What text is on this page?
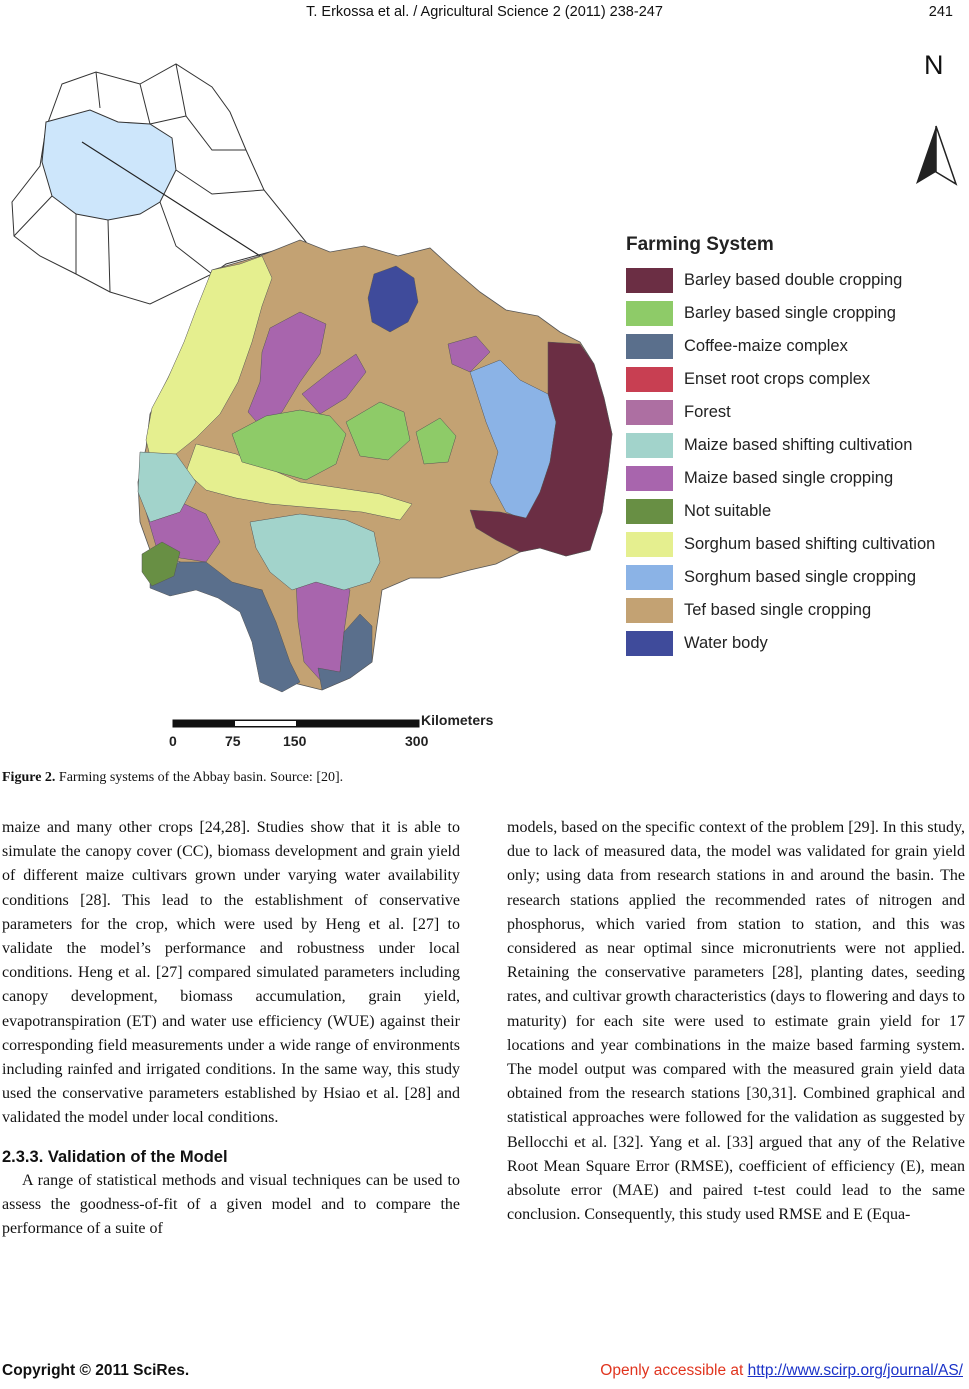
T. Erkossa et al. / Agricultural Science 2 (2011) 238-247	241
N
Farming System
Barley based double cropping
Barley based single cropping
Coffee-maize complex
Enset root crops complex
Forest
Maize based shifting cultivation
Maize based single cropping
Not suitable
Sorghum based shifting cultivation
Sorghum based single cropping
Tef based single cropping
Water body
Kilometers
0	75	150	300
Figure 2. Farming systems of the Abbay basin. Source: [20].

maize and many other crops [24,28]. Studies show that it is able to simulate the canopy cover (CC), biomass development and grain yield of different maize cultivars grown under varying water availability conditions [28]. This lead to the establishment of conservative parameters for the crop, which were used by Heng et al. [27] to validate the model’s performance and robustness under local conditions. Heng et al. [27] compared simulated parameters including canopy development, biomass accumulation, grain yield, evapotranspiration (ET) and water use efficiency (WUE) against their corresponding field measurements under a wide range of environments including rainfed and irrigated conditions. In the same way, this study used the conservative parameters established by Hsiao et al. [28] and validated the model under local conditions.

2.3.3. Validation of the Model

A range of statistical methods and visual techniques can be used to assess the goodness-of-fit of a given model and to compare the performance of a suite of

models, based on the specific context of the problem [29]. In this study, due to lack of measured data, the model was validated for grain yield only; using data from research stations in and around the basin. The research stations applied the recommended rates of nitrogen and phosphorus, which varied from station to station, and this was considered as near optimal since micronutrients were not applied. Retaining the conservative parameters [28], planting dates, seeding rates, and cultivar growth characteristics (days to flowering and days to maturity) for each site were used to estimate grain yield for 17 locations and year combinations in the maize based farming system. The model output was compared with the measured grain yield data obtained from the research stations [30,31]. Combined graphical and statistical approaches were followed for the validation as suggested by Bellocchi et al. [32]. Yang et al. [33] argued that any of the Relative Root Mean Square Error (RMSE), coefficient of efficiency (E), mean absolute error (MAE) and paired t-test could lead to the same conclusion. Consequently, this study used RMSE and E (Equa-

Copyright © 2011 SciRes.	Openly accessible at http://www.scirp.org/journal/AS/
